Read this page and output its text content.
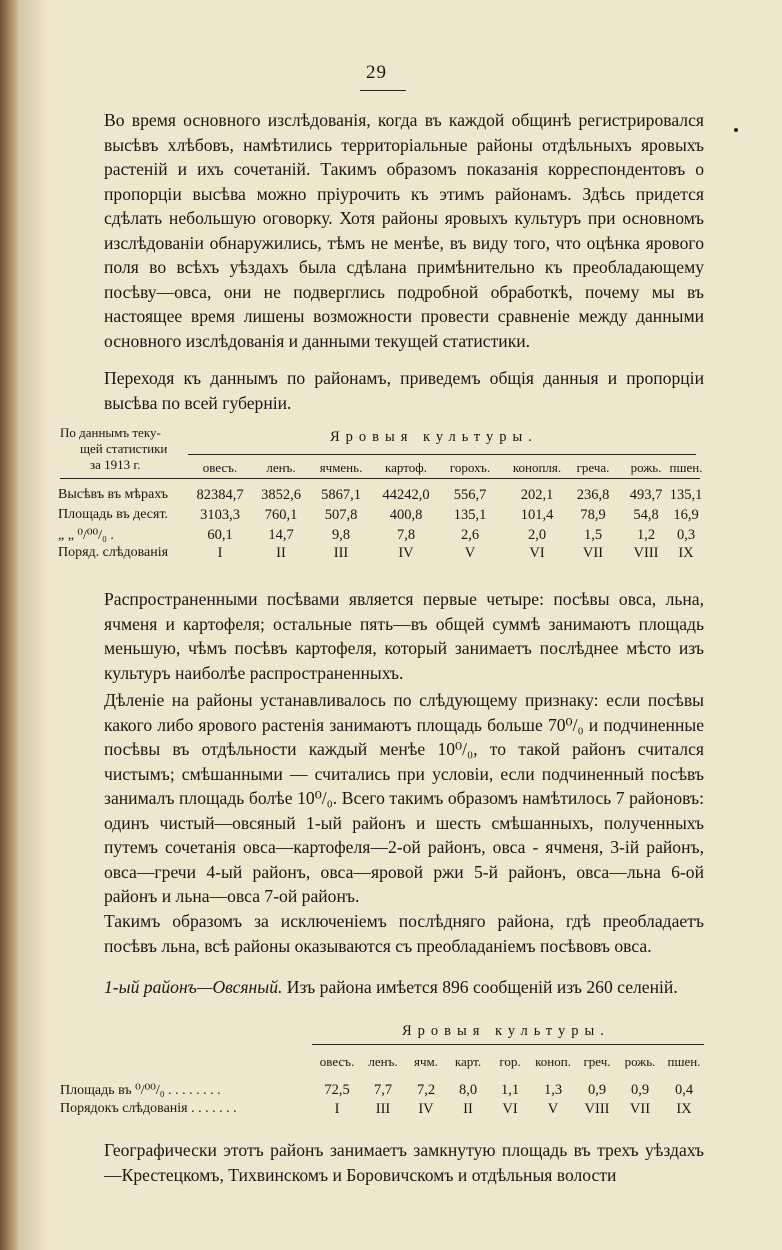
29

Во время основного изслѣдованія, когда въ каждой общинѣ регистрировался высѣвъ хлѣбовъ, намѣтились территоріальные районы отдѣльныхъ яровыхъ растеній и ихъ сочетаній. Такимъ образомъ показанія корреспондентовъ о пропорціи высѣва можно пріурочить къ этимъ районамъ. Здѣсь придется сдѣлать небольшую оговорку. Хотя районы яровыхъ культуръ при основномъ изслѣдованіи обнаружились, тѣмъ не менѣе, въ виду того, что оцѣнка ярового поля во всѣхъ уѣздахъ была сдѣлана примѣнительно къ преобладающему посѣву—овса, они не подверглись подробной обработкѣ, почему мы въ настоящее время лишены возможности провести сравненіе между данными основного изслѣдованія и данными текущей статистики.

Переходя къ даннымъ по районамъ, приведемъ общія данныя и пропорціи высѣва по всей губерніи.

По даннымъ теку-
щей статистики
за 1913 г.
Яровыя культуры.
овесъ.	ленъ.	ячмень.	картоф.	горохъ.	конопля.	греча.	рожь. пшен.
Высѣвъ въ мѣрахъ	82384,7	3852,6	5867,1	44242,0	556,7	202,1	236,8	493,7 135,1
Площадь въ десят.	3103,3	760,1	507,8	400,8	135,1	101,4	78,9	54,8	16,9
„ „ ⁰/⁰⁰/₀ .	60,1	14,7	9,8	7,8	2,6	2,0	1,5	1,2	0,3
Поряд. слѣдованія	I	II	III	IV	V	VI	VII	VIII	IX

Распространенными посѣвами является первые четыре: посѣвы овса, льна, ячменя и картофеля; остальные пять—въ общей суммѣ занимаютъ площадь меньшую, чѣмъ посѣвъ картофеля, который занимаетъ послѣднее мѣсто изъ культуръ наиболѣе распространенныхъ.

Дѣленіе на районы устанавливалось по слѣдующему признаку: если посѣвы какого либо ярового растенія занимаютъ площадь больше 70⁰/₀ и подчиненные посѣвы въ отдѣльности каждый менѣе 10⁰/₀, то такой районъ считался чистымъ; смѣшанными — считались при условіи, если подчиненный посѣвъ занималъ площадь болѣе 10⁰/₀. Всего такимъ образомъ намѣтилось 7 районовъ: одинъ чистый—овсяный 1-ый районъ и шесть смѣшанныхъ, полученныхъ путемъ сочетанія овса—картофеля—2-ой районъ, овса - ячменя, 3-ій районъ, овса—гречи 4-ый районъ, овса—яровой ржи 5-й районъ, овса—льна 6-ой районъ и льна—овса 7-ой районъ.

Такимъ образомъ за исключеніемъ послѣдняго района, гдѣ преобладаетъ посѣвъ льна, всѣ районы оказываются съ преобладаніемъ посѣвовъ овса.

1-ый районъ—Овсяный. Изъ района имѣется 896 сообщеній изъ 260 селеній.

Яровыя культуры.
овесъ.	ленъ.	ячм.	карт.	гор.	коноп. греч.	рожь. пшен.
Площадь въ ⁰/⁰⁰/₀ . . . . . . . .	72,5	7,7	7,2	8,0	1,1	1,3	0,9	0,9	0,4
Порядокъ слѣдованія . . . . . . .	I	III	IV	II	VI	V	VIII	VII	IX

Географически этотъ районъ занимаетъ замкнутую площадь въ трехъ уѣздахъ—Крестецкомъ, Тихвинскомъ и Боровичскомъ и отдѣльныя волости
